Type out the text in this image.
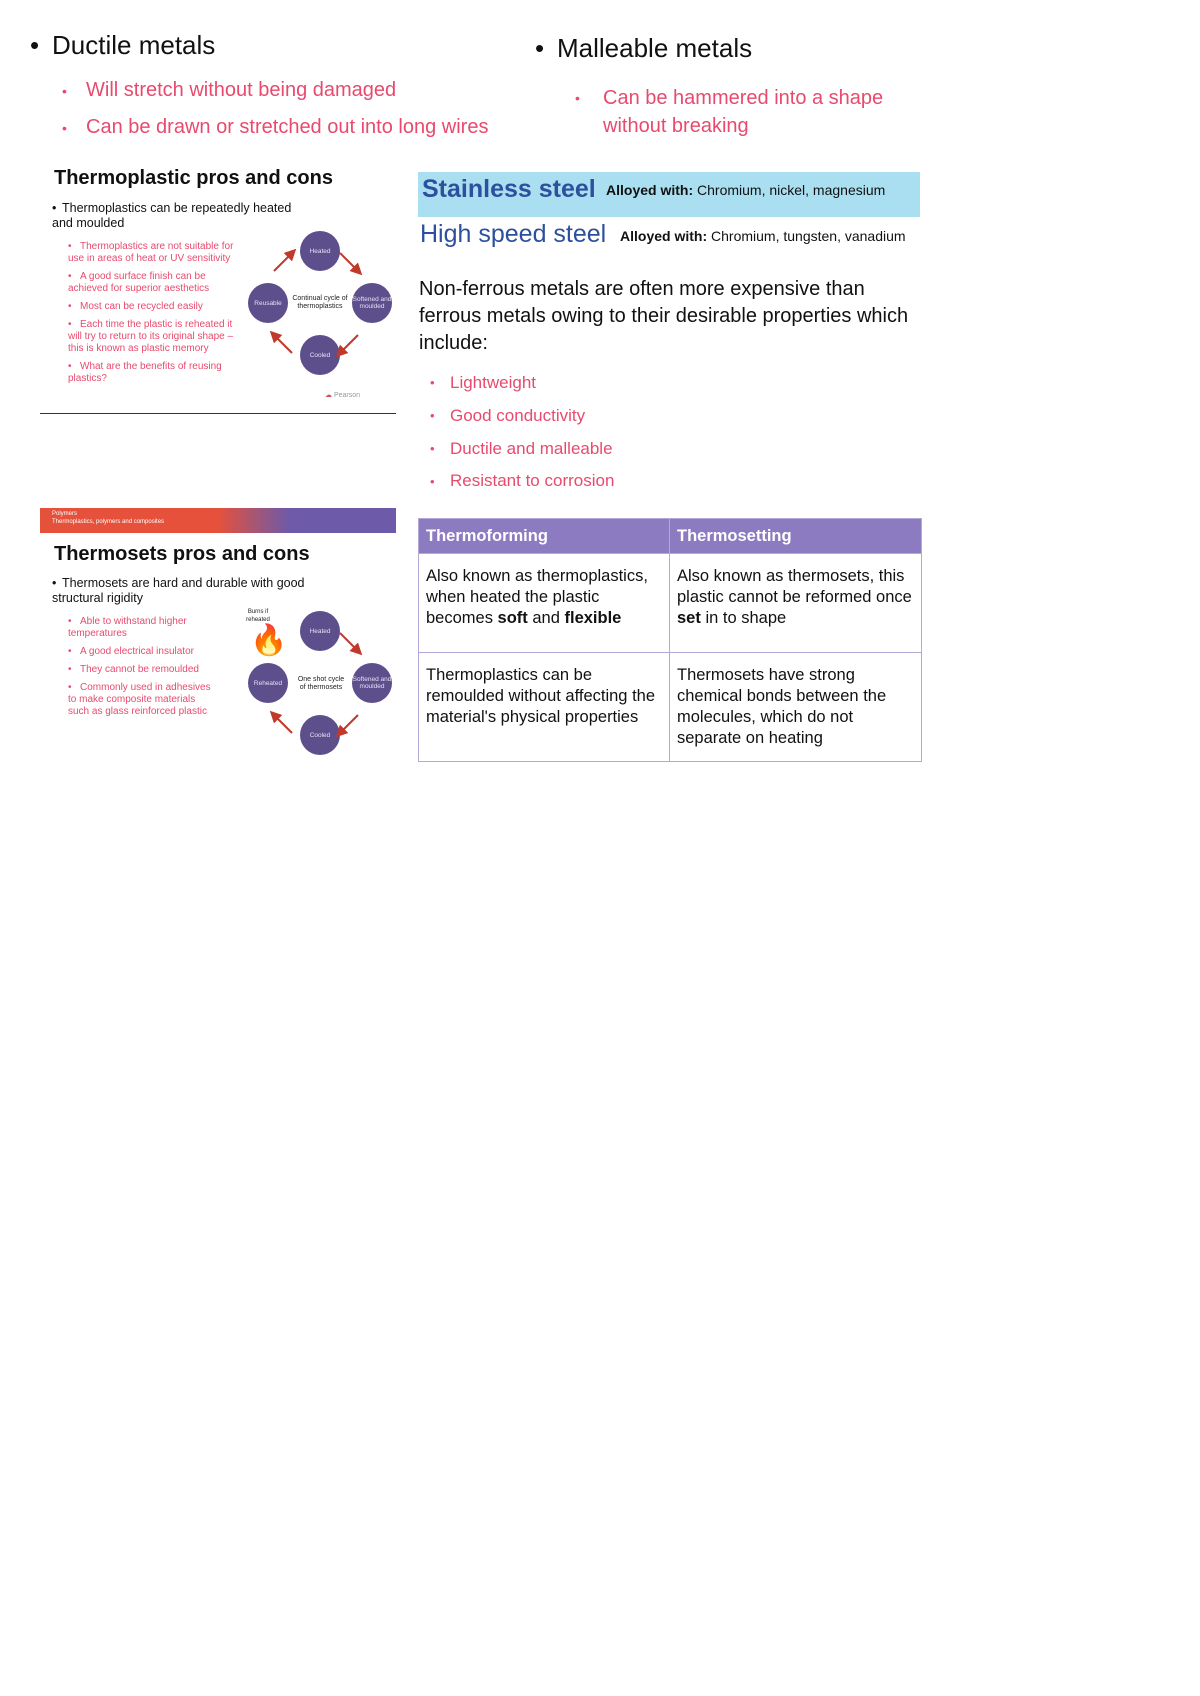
• Ductile metals
• Will stretch without being damaged
• Can be drawn or stretched out into long wires
• Malleable metals
•	Can be hammered into a shape without breaking
Thermoplastic pros and cons
• Thermoplastics can be repeatedly heated and moulded
• Thermoplastics are not suitable for use in areas of heat or UV sensitivity
• A good surface finish can be achieved for superior aesthetics
• Most can be recycled easily
• Each time the plastic is reheated it will try to return to its original shape – this is known as plastic memory
• What are the benefits of reusing plastics?
Heated
Softened and moulded
Cooled
Reusable
Continual cycle of thermoplastics
☁ Pearson
Polymers
Thermoplastics, polymers and composites
Thermosets pros and cons
• Thermosets are hard and durable with good structural rigidity
• Able to withstand higher temperatures
• A good electrical insulator
• They cannot be remoulded
• Commonly used in adhesives to make composite materials such as glass reinforced plastic
Burns if reheated
🔥	Heated
Softened and moulded
Cooled
Reheated	One shot cycle of thermosets
Stainless steel Alloyed with: Chromium, nickel, magnesium
High speed steel Alloyed with: Chromium, tungsten, vanadium
Non-ferrous metals are often more expensive than ferrous metals owing to their desirable properties which include:
• Lightweight
• Good conductivity
• Ductile and malleable
• Resistant to corrosion
Thermoforming	Thermosetting
Also known as thermoplastics, when heated the plastic becomes soft and flexible	Also known as thermosets, this plastic cannot be reformed once set in to shape
Thermoplastics can be remoulded without affecting the material's physical properties	Thermosets have strong chemical bonds between the molecules, which do not separate on heating
